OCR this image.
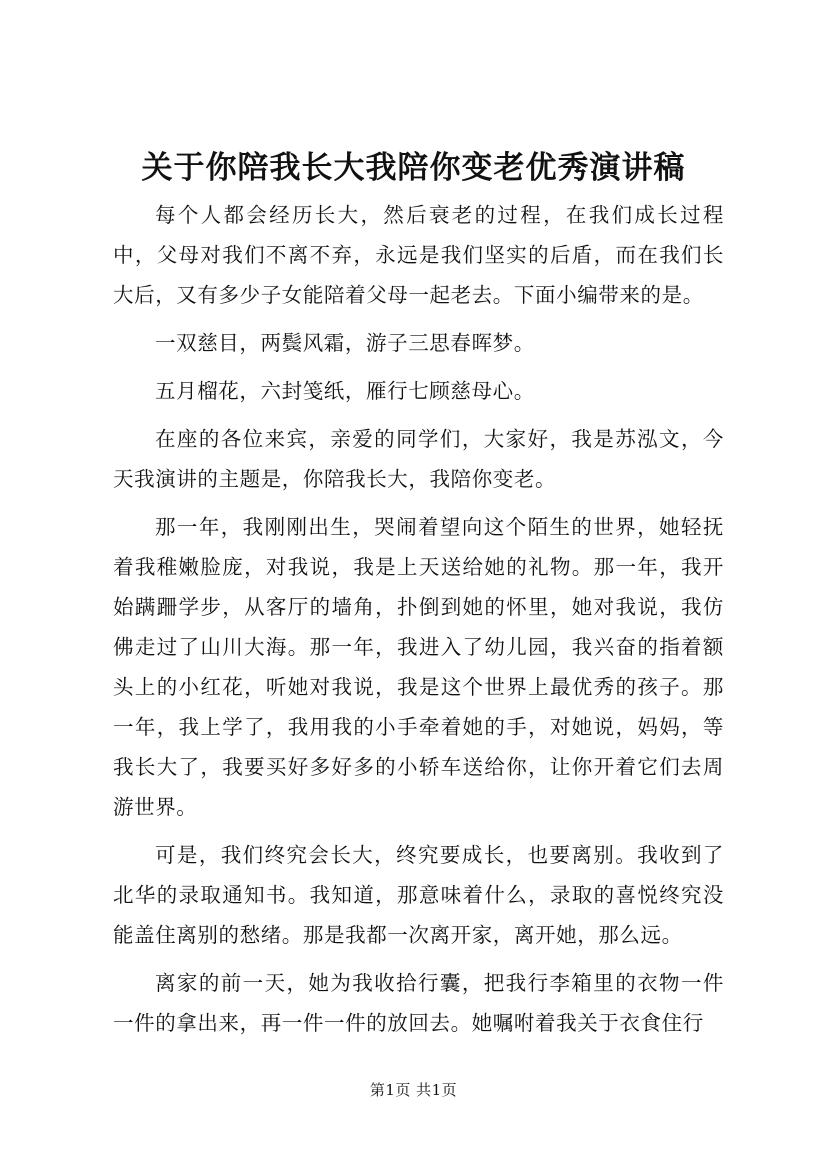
关于你陪我长大我陪你变老优秀演讲稿

每个人都会经历长大，然后衰老的过程，在我们成长过程中，父母对我们不离不弃，永远是我们坚实的后盾，而在我们长大后，又有多少子女能陪着父母一起老去。下面小编带来的是。

一双慈目，两鬓风霜，游子三思春晖梦。

五月榴花，六封笺纸，雁行七顾慈母心。

在座的各位来宾，亲爱的同学们，大家好，我是苏泓文，今天我演讲的主题是，你陪我长大，我陪你变老。

那一年，我刚刚出生，哭闹着望向这个陌生的世界，她轻抚着我稚嫩脸庞，对我说，我是上天送给她的礼物。那一年，我开始蹒跚学步，从客厅的墙角，扑倒到她的怀里，她对我说，我仿佛走过了山川大海。那一年，我进入了幼儿园，我兴奋的指着额头上的小红花，听她对我说，我是这个世界上最优秀的孩子。那一年，我上学了，我用我的小手牵着她的手，对她说，妈妈，等我长大了，我要买好多好多的小轿车送给你，让你开着它们去周游世界。

可是，我们终究会长大，终究要成长，也要离别。我收到了北华的录取通知书。我知道，那意味着什么，录取的喜悦终究没能盖住离别的愁绪。那是我都一次离开家，离开她，那么远。

离家的前一天，她为我收拾行囊，把我行李箱里的衣物一件一件的拿出来，再一件一件的放回去。她嘱咐着我关于衣食住行

第1页 共1页
